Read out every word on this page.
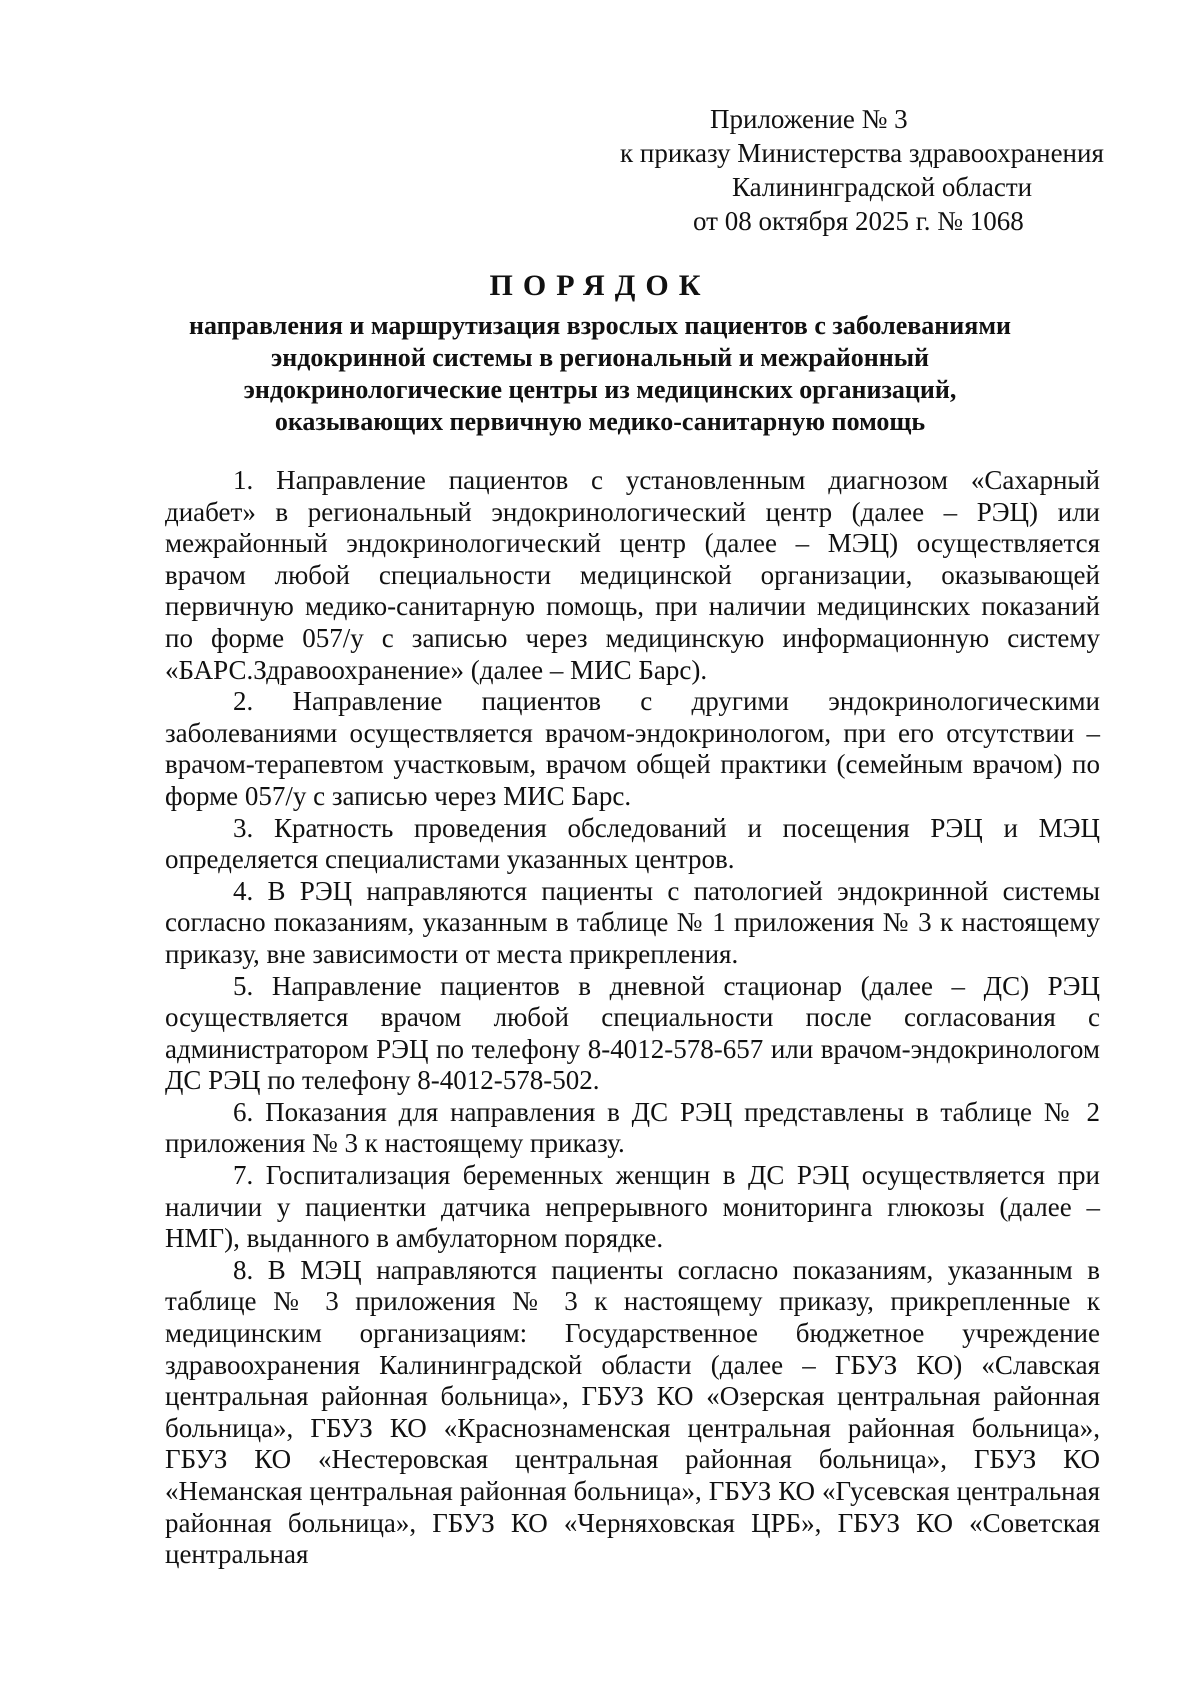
Приложение № 3
к приказу Министерства здравоохранения
Калининградской области
от 08 октября 2025 г. № 1068
ПОРЯДОК
направления и маршрутизация взрослых пациентов с заболеваниями
эндокринной системы в региональный и межрайонный
эндокринологические центры из медицинских организаций,
оказывающих первичную медико-санитарную помощь

1. Направление пациентов с установленным диагнозом «Сахарный диабет» в региональный эндокринологический центр (далее – РЭЦ) или межрайонный эндокринологический центр (далее – МЭЦ) осуществляется врачом любой специальности медицинской организации, оказывающей первичную медико-санитарную помощь, при наличии медицинских показаний по форме 057/у с записью через медицинскую информационную систему «БАРС.Здравоохранение» (далее – МИС Барс).

2. Направление пациентов с другими эндокринологическими заболеваниями осуществляется врачом-эндокринологом, при его отсутствии – врачом-терапевтом участковым, врачом общей практики (семейным врачом) по форме 057/у с записью через МИС Барс.

3. Кратность проведения обследований и посещения РЭЦ и МЭЦ определяется специалистами указанных центров.

4. В РЭЦ направляются пациенты с патологией эндокринной системы согласно показаниям, указанным в таблице № 1 приложения № 3 к настоящему приказу, вне зависимости от места прикрепления.

5. Направление пациентов в дневной стационар (далее – ДС) РЭЦ осуществляется врачом любой специальности после согласования с администратором РЭЦ по телефону 8-4012-578-657 или врачом-эндокринологом ДС РЭЦ по телефону 8-4012-578-502.

6. Показания для направления в ДС РЭЦ представлены в таблице № 2 приложения № 3 к настоящему приказу.

7. Госпитализация беременных женщин в ДС РЭЦ осуществляется при наличии у пациентки датчика непрерывного мониторинга глюкозы (далее – НМГ), выданного в амбулаторном порядке.

8. В МЭЦ направляются пациенты согласно показаниям, указанным в таблице № 3 приложения № 3 к настоящему приказу, прикрепленные к медицинским организациям: Государственное бюджетное учреждение здравоохранения Калининградской области (далее – ГБУЗ КО) «Славская центральная районная больница», ГБУЗ КО «Озерская центральная районная больница», ГБУЗ КО «Краснознаменская центральная районная больница», ГБУЗ КО «Нестеровская центральная районная больница», ГБУЗ КО «Неманская центральная районная больница», ГБУЗ КО «Гусевская центральная районная больница», ГБУЗ КО «Черняховская ЦРБ», ГБУЗ КО «Советская центральная
